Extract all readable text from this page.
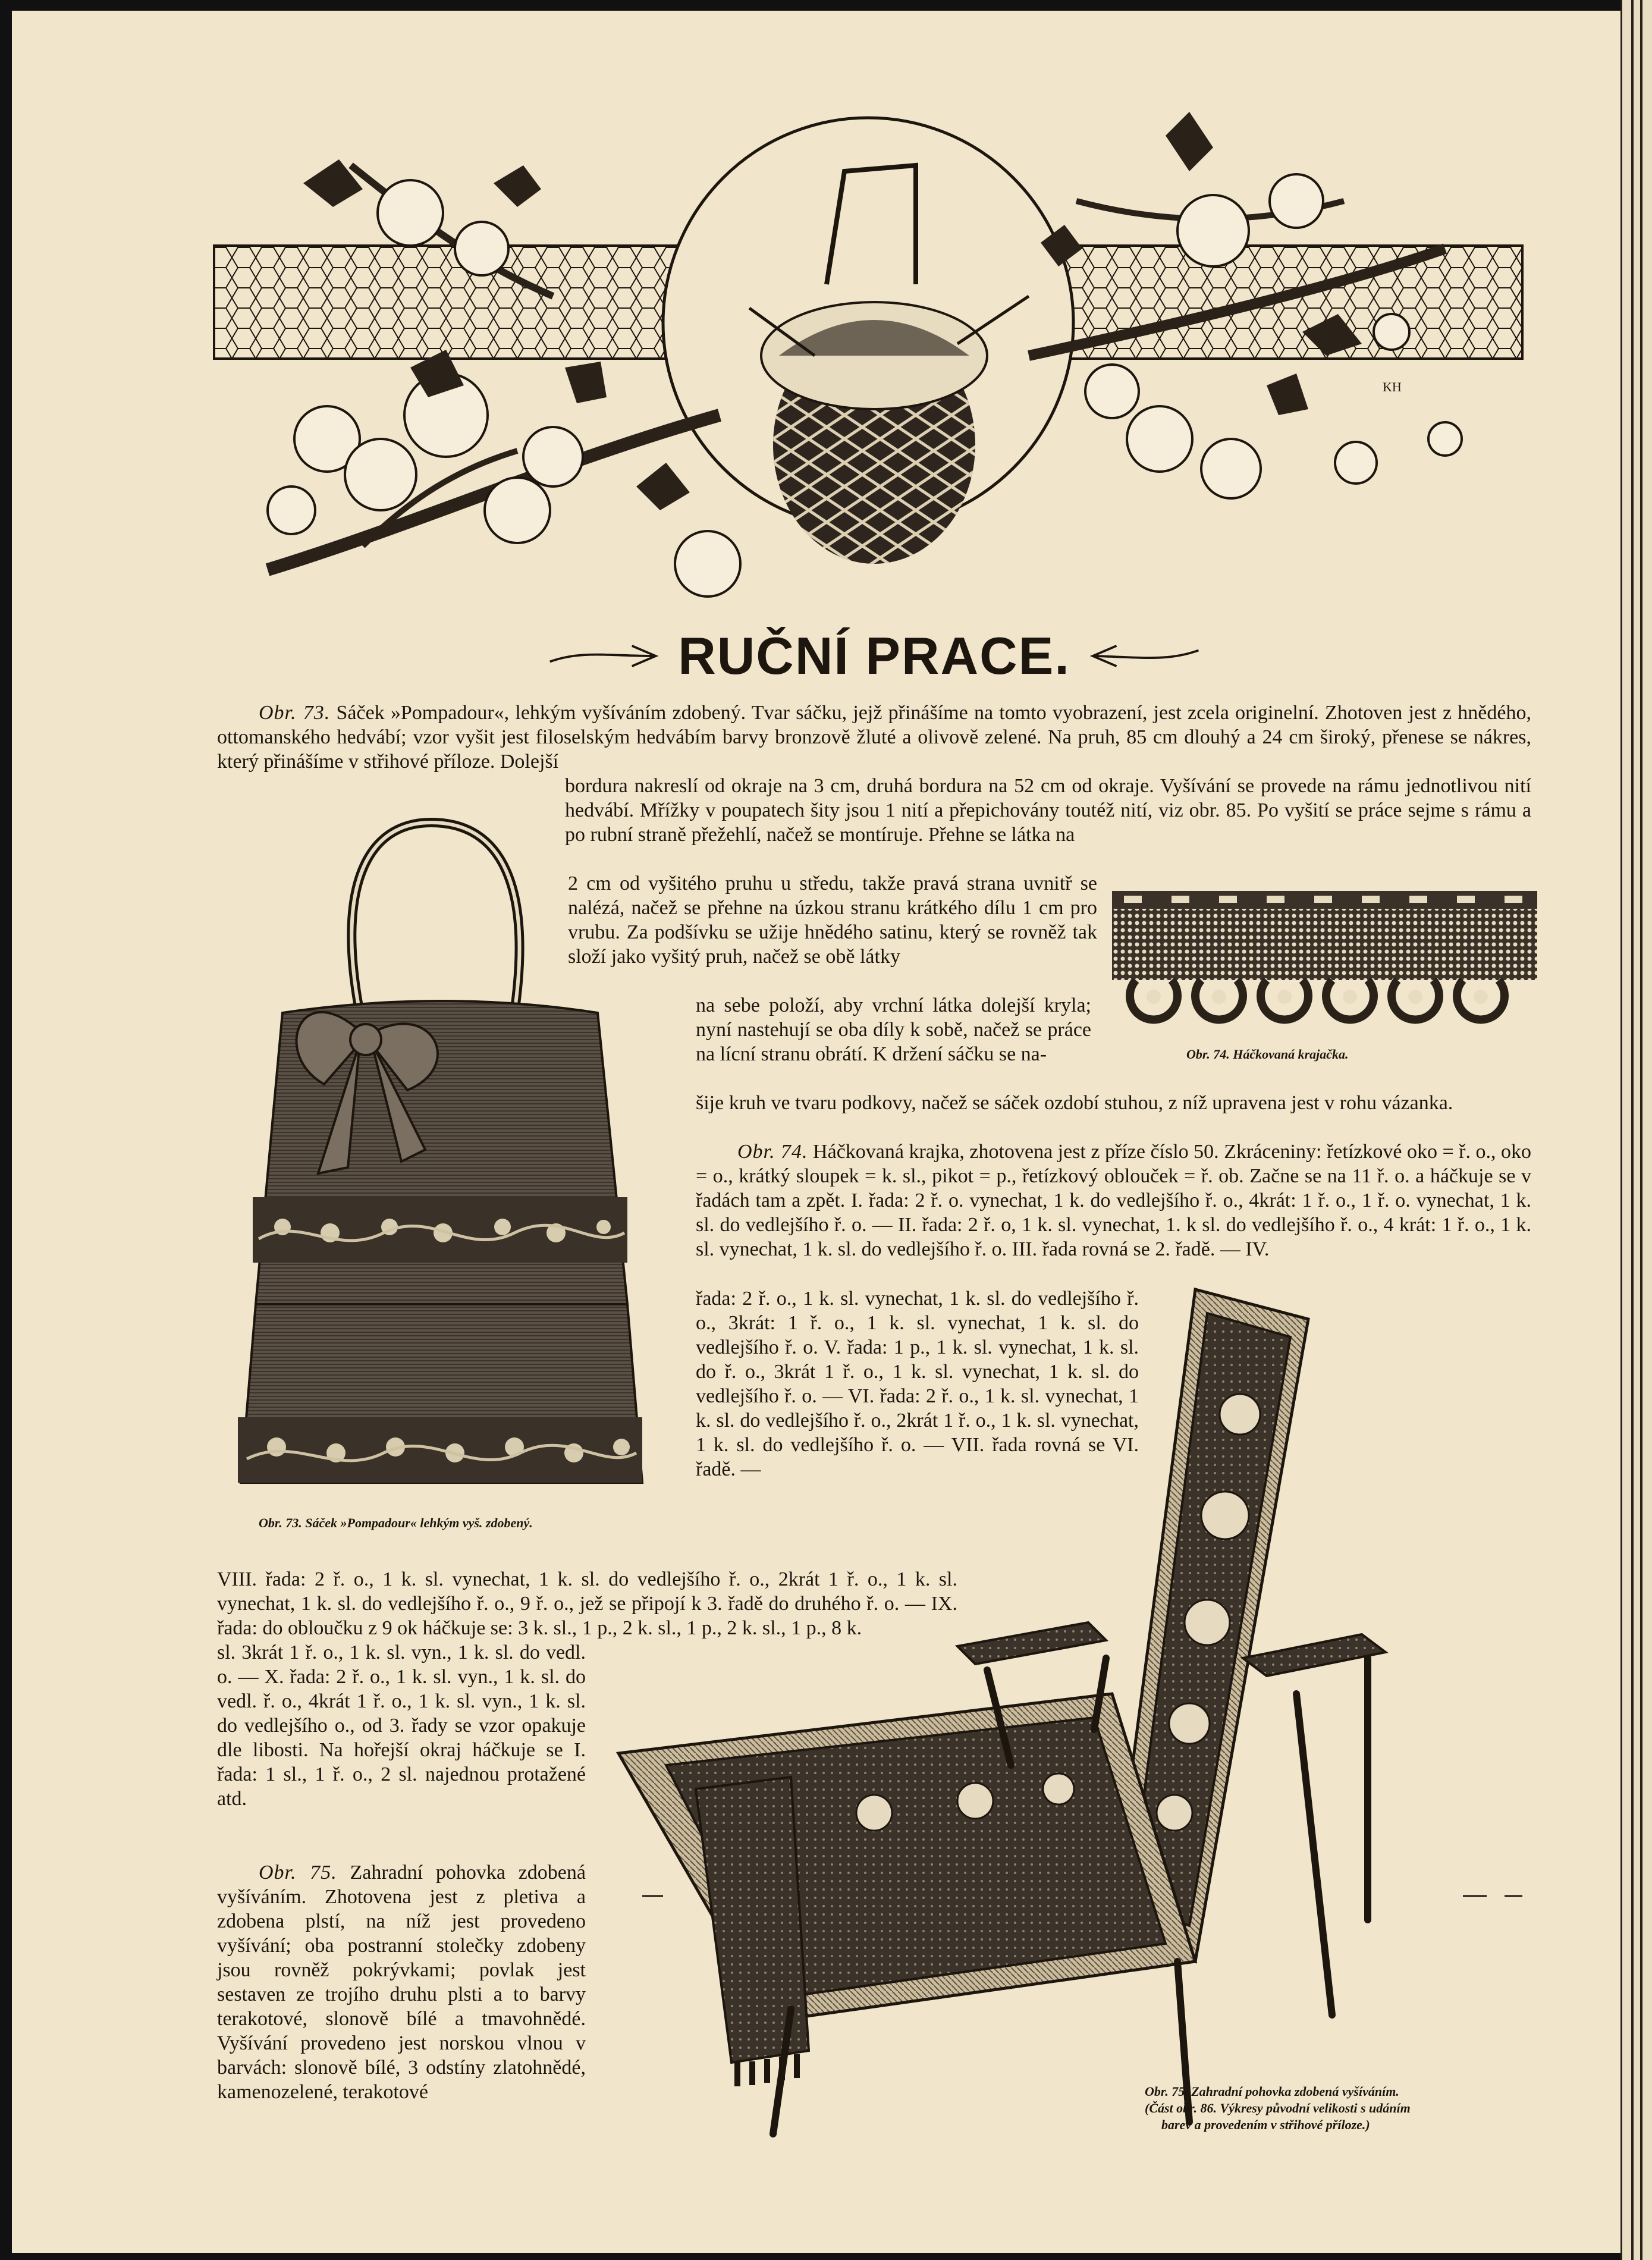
KH
RUČNÍ PRACE.

Obr. 73. Sáček »Pompadour«, lehkým vyšíváním zdobený. Tvar sáčku, jejž přinášíme na tomto vyobrazení, jest zcela originelní. Zhotoven jest z hnědého, ottomanského hedvábí; vzor vyšit jest filoselským hedvábím barvy bronzově žluté a olivově zelené. Na pruh, 85 cm dlouhý a 24 cm široký, přenese se nákres, který přinášíme v střihové příloze. Dolejší

bordura nakreslí od okraje na 3 cm, druhá bordura na 52 cm od okraje. Vyšívání se provede na rámu jednotlivou nití hedvábí. Mřížky v poupatech šity jsou 1 nití a přepichovány toutéž nití, viz obr. 85. Po vyšití se práce sejme s rámu a po rubní straně přežehlí, načež se montíruje. Přehne se látka na
2 cm od vyšitého pruhu u středu, takže pravá strana uvnitř se nalézá, načež se přehne na úzkou stranu krátkého dílu 1 cm pro vrubu. Za podšívku se užije hnědého satinu, který se rovněž tak složí jako vyšitý pruh, načež se obě látky
na sebe položí, aby vrchní látka dolejší kryla; nyní nastehují se oba díly k sobě, načež se práce na lícní stranu obrátí. K držení sáčku se na-
šije kruh ve tvaru podkovy, načež se sáček ozdobí stuhou, z níž upravena jest v rohu vázanka.

Obr. 74. Háčkovaná krajka, zhotovena jest z příze číslo 50. Zkráceniny: řetízkové oko = ř. o., oko = o., krátký sloupek = k. sl., pikot = p., řetízkový oblouček = ř. ob. Začne se na 11 ř. o. a háčkuje se v řadách tam a zpět. I. řada: 2 ř. o. vynechat, 1 k. do vedlejšího ř. o., 4krát: 1 ř. o., 1 ř. o. vynechat, 1 k. sl. do vedlejšího ř. o. — II. řada: 2 ř. o, 1 k. sl. vynechat, 1. k sl. do vedlejšího ř. o., 4 krát: 1 ř. o., 1 k. sl. vynechat, 1 k. sl. do vedlejšího ř. o. III. řada rovná se 2. řadě. — IV.

řada: 2 ř. o., 1 k. sl. vynechat, 1 k. sl. do vedlejšího ř. o., 3krát: 1 ř. o., 1 k. sl. vynechat, 1 k. sl. do vedlejšího ř. o. V. řada: 1 p., 1 k. sl. vynechat, 1 k. sl. do ř. o., 3krát 1 ř. o., 1 k. sl. vynechat, 1 k. sl. do vedlejšího ř. o. — VI. řada: 2 ř. o., 1 k. sl. vynechat, 1 k. sl. do vedlejšího ř. o., 2krát 1 ř. o., 1 k. sl. vynechat, 1 k. sl. do vedlejšího ř. o. — VII. řada rovná se VI. řadě. —
VIII. řada: 2 ř. o., 1 k. sl. vynechat, 1 k. sl. do vedlejšího ř. o., 2krát 1 ř. o., 1 k. sl. vynechat, 1 k. sl. do vedlejšího ř. o., 9 ř. o., jež se připojí k 3. řadě do druhého ř. o. — IX. řada: do obloučku z 9 ok háčkuje se: 3 k. sl., 1 p., 2 k. sl., 1 p., 2 k. sl., 1 p., 8 k.
sl. 3krát 1 ř. o., 1 k. sl. vyn., 1 k. sl. do vedl. o. — X. řada: 2 ř. o., 1 k. sl. vyn., 1 k. sl. do vedl. ř. o., 4krát 1 ř. o., 1 k. sl. vyn., 1 k. sl. do vedlejšího o., od 3. řady se vzor opakuje dle libosti. Na hořejší okraj háčkuje se I. řada: 1 sl., 1 ř. o., 2 sl. najednou protažené atd.

Obr. 75. Zahradní pohovka zdobená vyšíváním. Zhotovena jest z pletiva a zdobena plstí, na níž jest provedeno vyšívání; oba postranní stolečky zdobeny jsou rovněž pokrývkami; povlak jest sestaven ze trojího druhu plsti a to barvy terakotové, slonově bílé a tmavohnědé. Vyšívání provedeno jest norskou vlnou v barvách: slonově bílé, 3 odstíny zlatohnědé, kamenozelené, terakotové

Obr. 73. Sáček »Pompadour« lehkým vyš. zdobený.
Obr. 74. Háčkovaná krajačka.
Obr. 75. Zahradní pohovka zdobená vyšíváním.
(Část obr. 86. Výkresy původní velikosti s udáním
barev a provedením v střihové příloze.)
